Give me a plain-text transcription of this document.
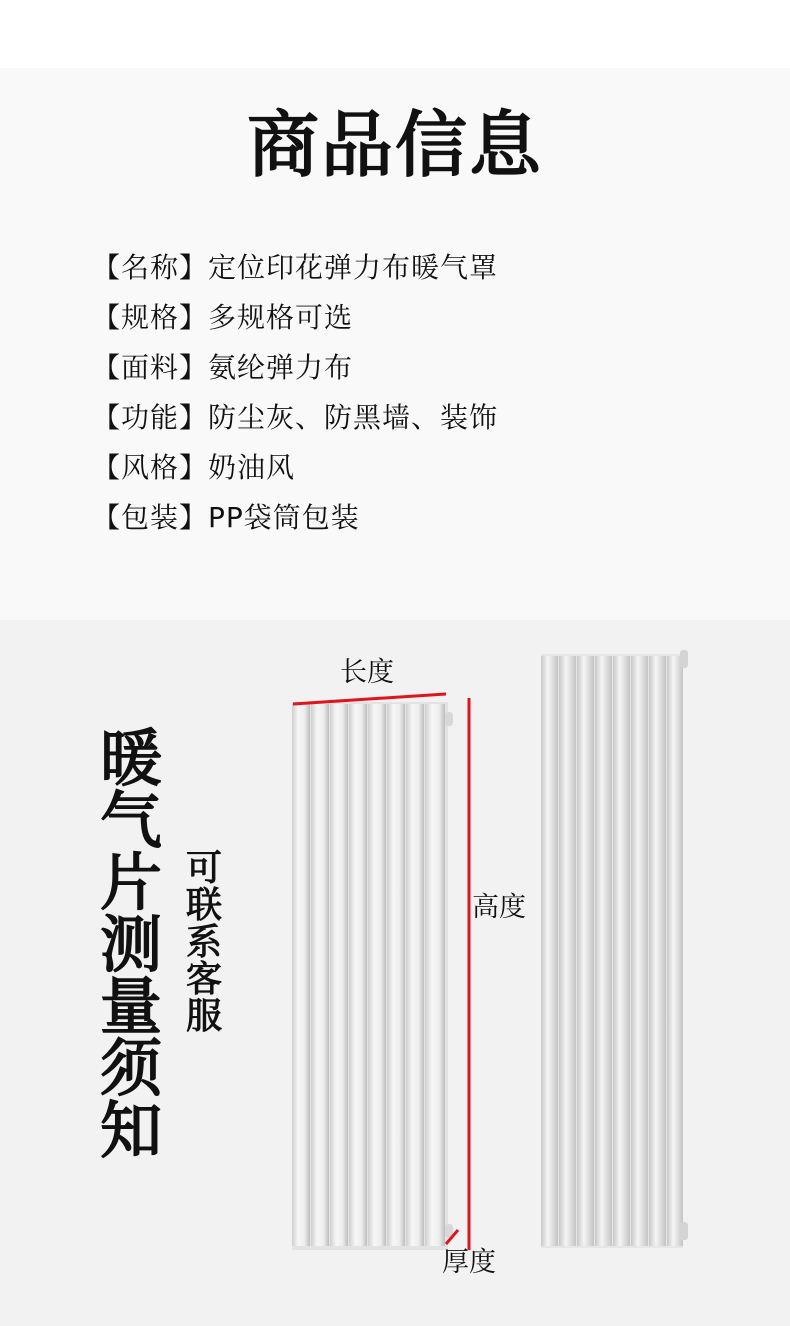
商品信息
【名称】定位印花弹力布暖气罩
【规格】多规格可选
【面料】氨纶弹力布
【功能】防尘灰、防黑墙、装饰
【风格】奶油风
【包装】PP袋筒包装
长度
高度
厚度
暖气片测量须知
可联系客服
